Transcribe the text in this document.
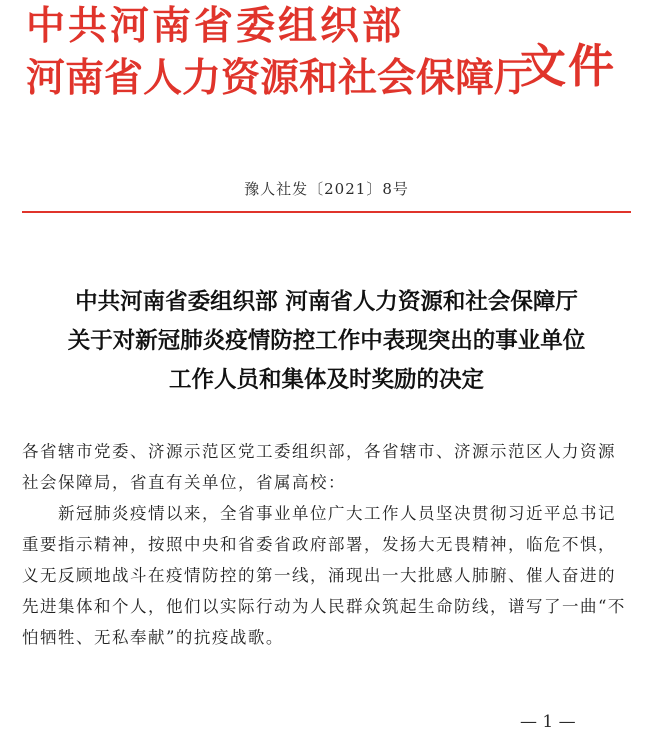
中共河南省委组织部
河南省人力资源和社会保障厅
文件
豫人社发〔2021〕8号
中共河南省委组织部 河南省人力资源和社会保障厅
关于对新冠肺炎疫情防控工作中表现突出的事业单位
工作人员和集体及时奖励的决定

各省辖市党委、济源示范区党工委组织部，各省辖市、济源示范区人力资源社会保障局，省直有关单位，省属高校：

新冠肺炎疫情以来，全省事业单位广大工作人员坚决贯彻习近平总书记重要指示精神，按照中央和省委省政府部署，发扬大无畏精神，临危不惧，义无反顾地战斗在疫情防控的第一线，涌现出一大批感人肺腑、催人奋进的先进集体和个人，他们以实际行动为人民群众筑起生命防线，谱写了一曲“不怕牺牲、无私奉献”的抗疫战歌。

— 1 —
